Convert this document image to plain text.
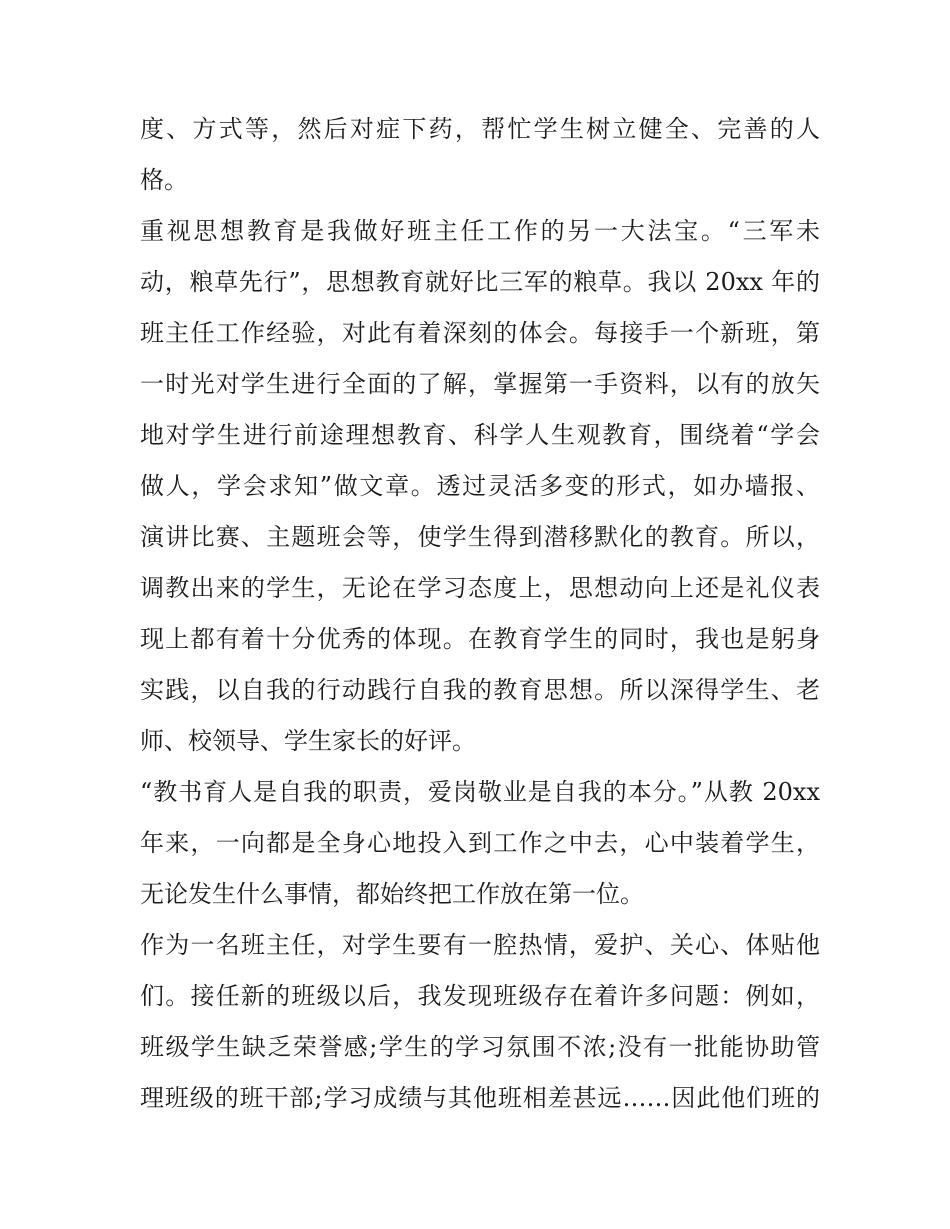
度、方式等，然后对症下药，帮忙学生树立健全、完善的人
格。
重视思想教育是我做好班主任工作的另一大法宝。“三军未
动，粮草先行”，思想教育就好比三军的粮草。我以 20xx 年的
班主任工作经验，对此有着深刻的体会。每接手一个新班，第
一时光对学生进行全面的了解，掌握第一手资料，以有的放矢
地对学生进行前途理想教育、科学人生观教育，围绕着“学会
做人，学会求知”做文章。透过灵活多变的形式，如办墙报、
演讲比赛、主题班会等，使学生得到潜移默化的教育。所以，
调教出来的学生，无论在学习态度上，思想动向上还是礼仪表
现上都有着十分优秀的体现。在教育学生的同时，我也是躬身
实践，以自我的行动践行自我的教育思想。所以深得学生、老
师、校领导、学生家长的好评。
“教书育人是自我的职责，爱岗敬业是自我的本分。”从教 20xx
年来，一向都是全身心地投入到工作之中去，心中装着学生，
无论发生什么事情，都始终把工作放在第一位。
作为一名班主任，对学生要有一腔热情，爱护、关心、体贴他
们。接任新的班级以后，我发现班级存在着许多问题：例如，
班级学生缺乏荣誉感;学生的学习氛围不浓;没有一批能协助管
理班级的班干部;学习成绩与其他班相差甚远……因此他们班的
